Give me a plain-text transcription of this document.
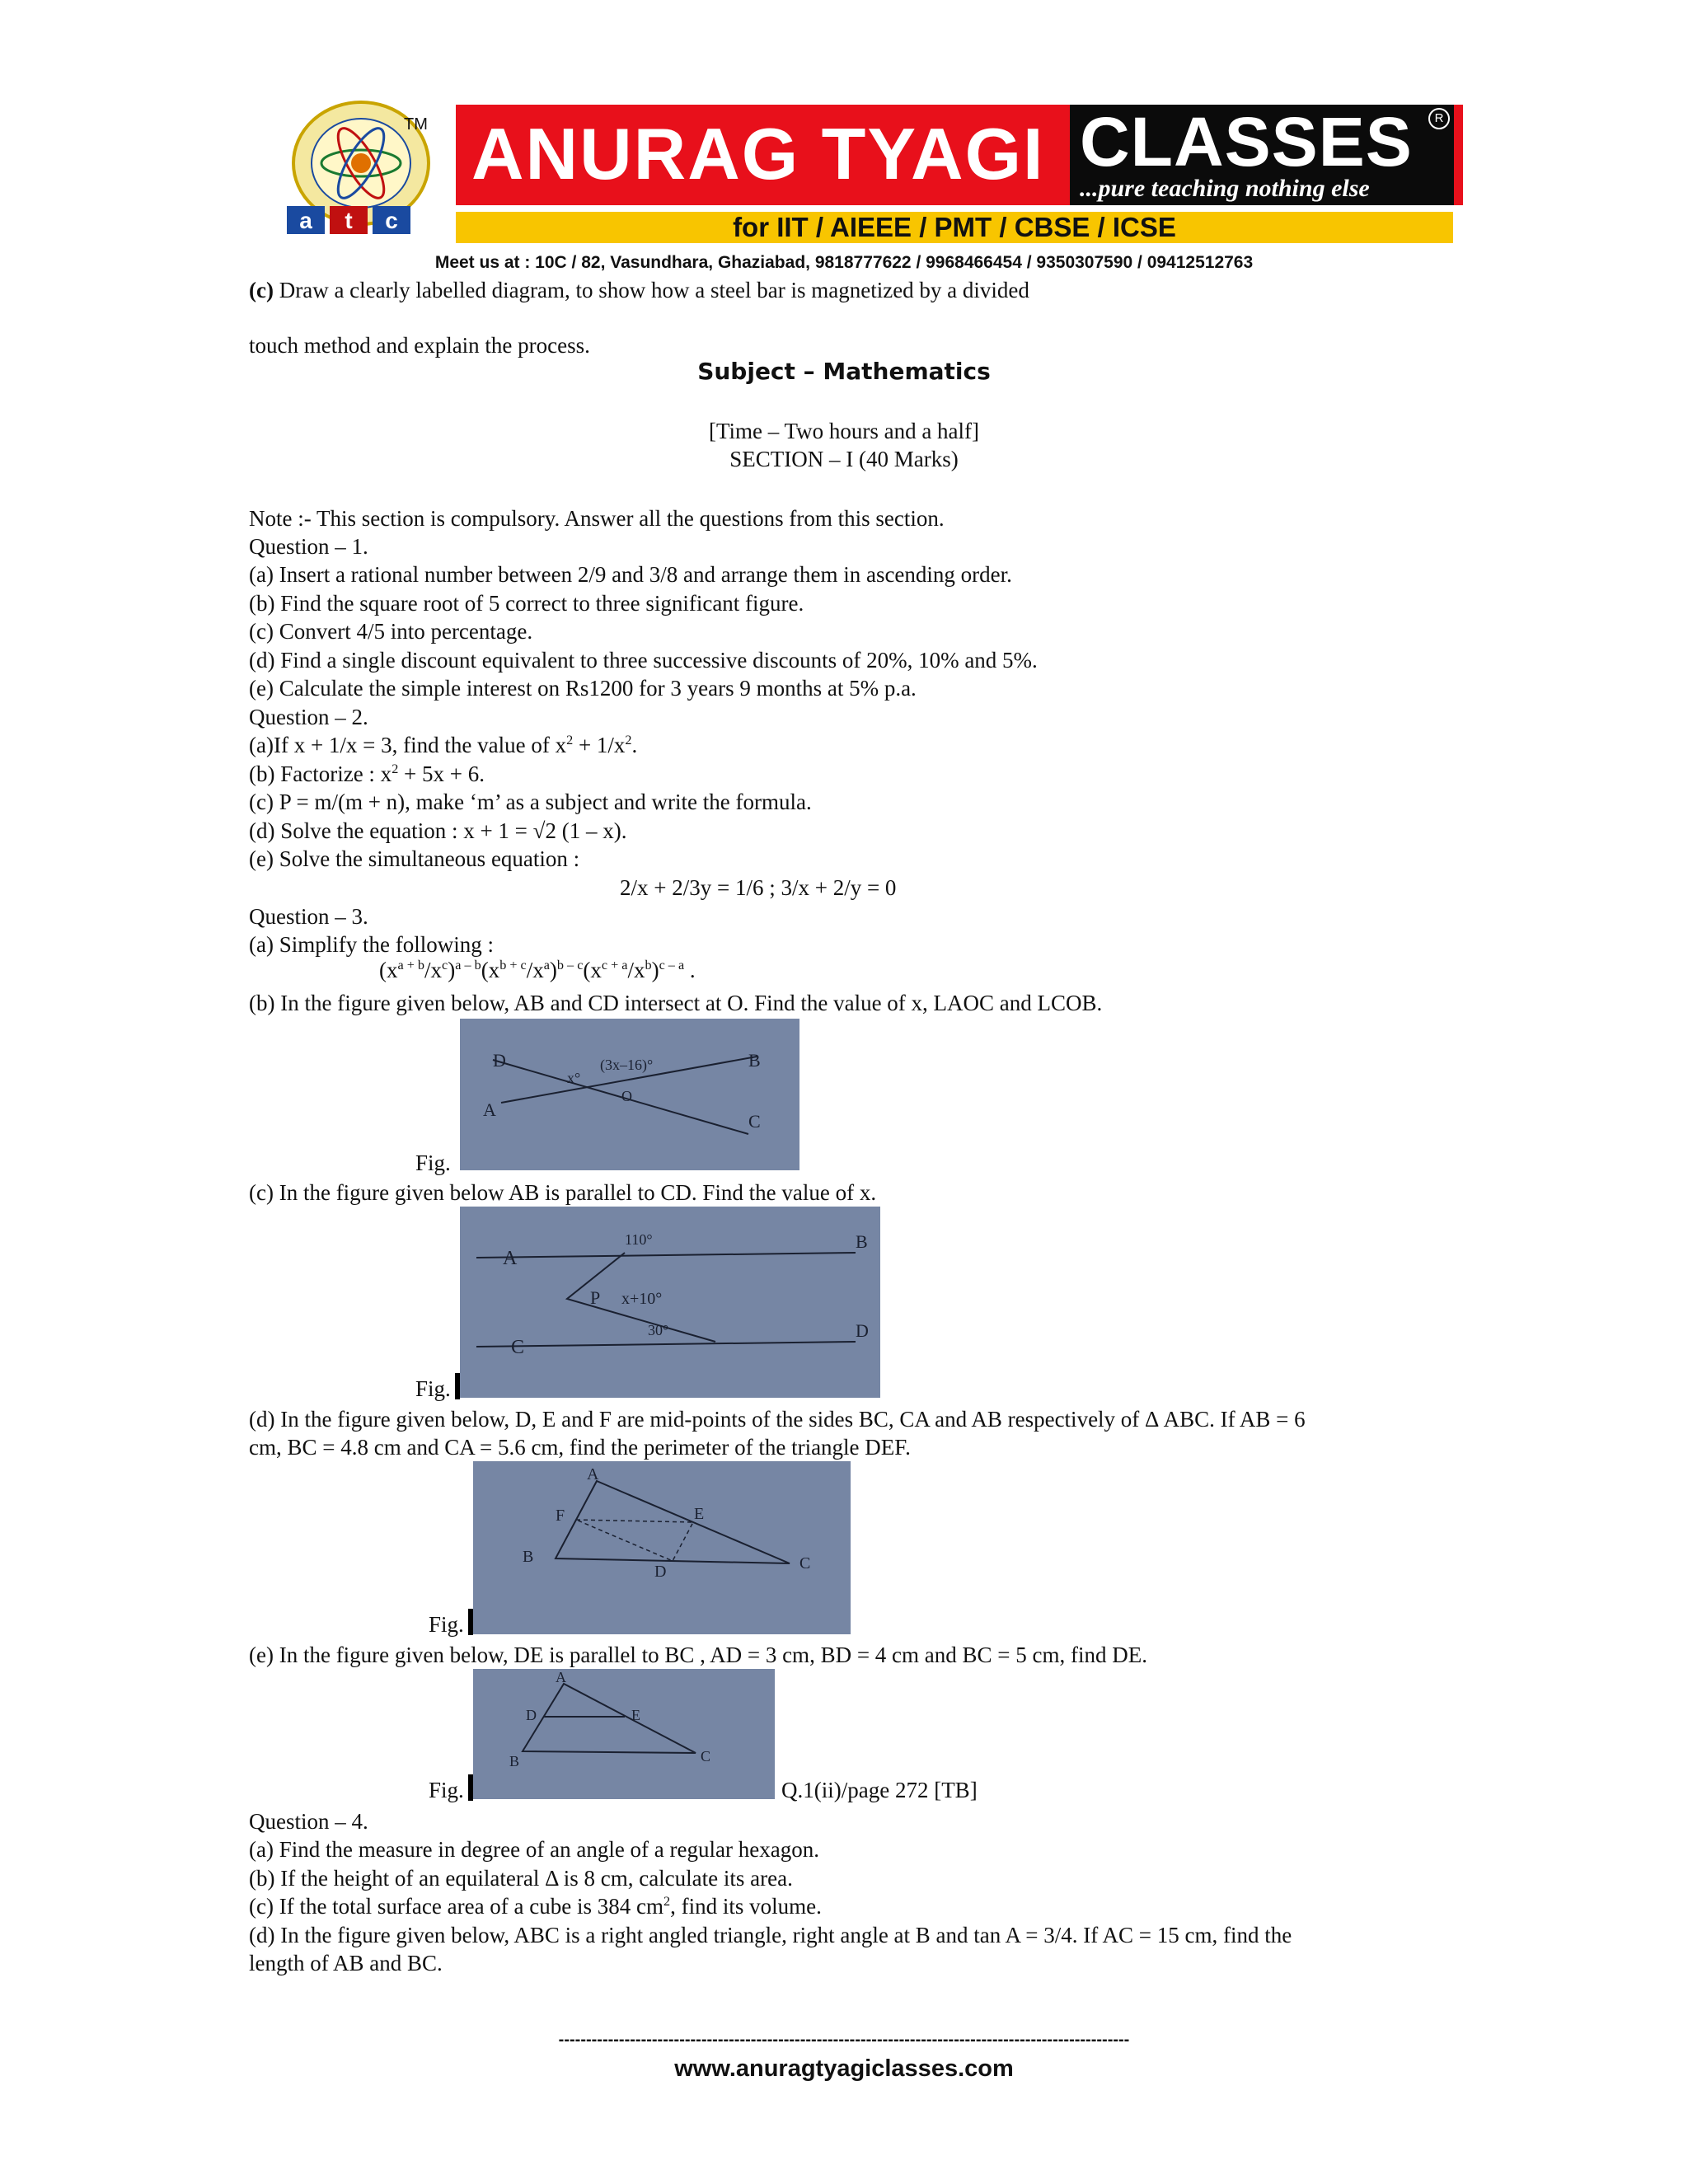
a t c
TM ANURAG TYAGI CLASSES	R
...pure teaching nothing else
for IIT / AIEEE / PMT / CBSE / ICSE
Meet us at : 10C / 82, Vasundhara, Ghaziabad, 9818777622 / 9968466454 / 9350307590 / 09412512763
(c) Draw a clearly labelled diagram, to show how a steel bar is magnetized by a divided
touch method and explain the process.
Subject – Mathematics
[Time – Two hours and a half]
SECTION – I (40 Marks)
Note :- This section is compulsory. Answer all the questions from this section.
Question – 1.
(a) Insert a rational number between 2/9 and 3/8 and arrange them in ascending order.
(b) Find the square root of 5 correct to three significant figure.
(c) Convert 4/5 into percentage.
(d) Find a single discount equivalent to three successive discounts of 20%, 10% and 5%.
(e) Calculate the simple interest on Rs1200 for 3 years 9 months at 5% p.a.
Question – 2.
(a)If x + 1/x = 3, find the value of $x^2 + 1/x^2$.
(b) Factorize : $x^2 + 5x + 6$.
(c) P = m/(m + n), make ‘m’ as a subject and write the formula.
(d) Solve the equation : x + 1 = √2 (1 – x).
(e) Solve the simultaneous equation :
2/x + 2/3y = 1/6 ; 3/x + 2/y = 0
Question – 3.
(a) Simplify the following :
$(x^{a + b}/x^c)^{a - b}(x^{b + c}/x^a)^{b - c}(x^{c + a}/x^b)^{c - a}$ .
(b) In the figure given below, AB and CD intersect at O. Find the value of x, LAOC and LCOB.
D	B
A
C
O
x°
(3x–16)°
Fig.
(c) In the figure given below AB is parallel to CD. Find the value of x.
A
B
C
D
P
110°
x+10°
30°
Fig.
(d) In the figure given below, D, E and F are mid-points of the sides BC, CA and AB respectively of Δ ABC. If AB = 6
cm, BC = 4.8 cm and CA = 5.6 cm, find the perimeter of the triangle DEF.
A
F	E
B
D	C
Fig.
(e) In the figure given below, DE is parallel to BC , AD = 3 cm, BD = 4 cm and BC = 5 cm, find DE.
A
D	E
B	C
Fig.	Q.1(ii)/page 272 [TB]
Question – 4.
(a) Find the measure in degree of an angle of a regular hexagon.
(b) If the height of an equilateral Δ is 8 cm, calculate its area.
(c) If the total surface area of a cube is 384 $cm^2$, find its volume.
(d) In the figure given below, ABC is a right angled triangle, right angle at B and tan A = 3/4. If AC = 15 cm, find the
length of AB and BC.
--------------------------------------------------------------------------------------------------------
www.anuragtyagiclasses.com
